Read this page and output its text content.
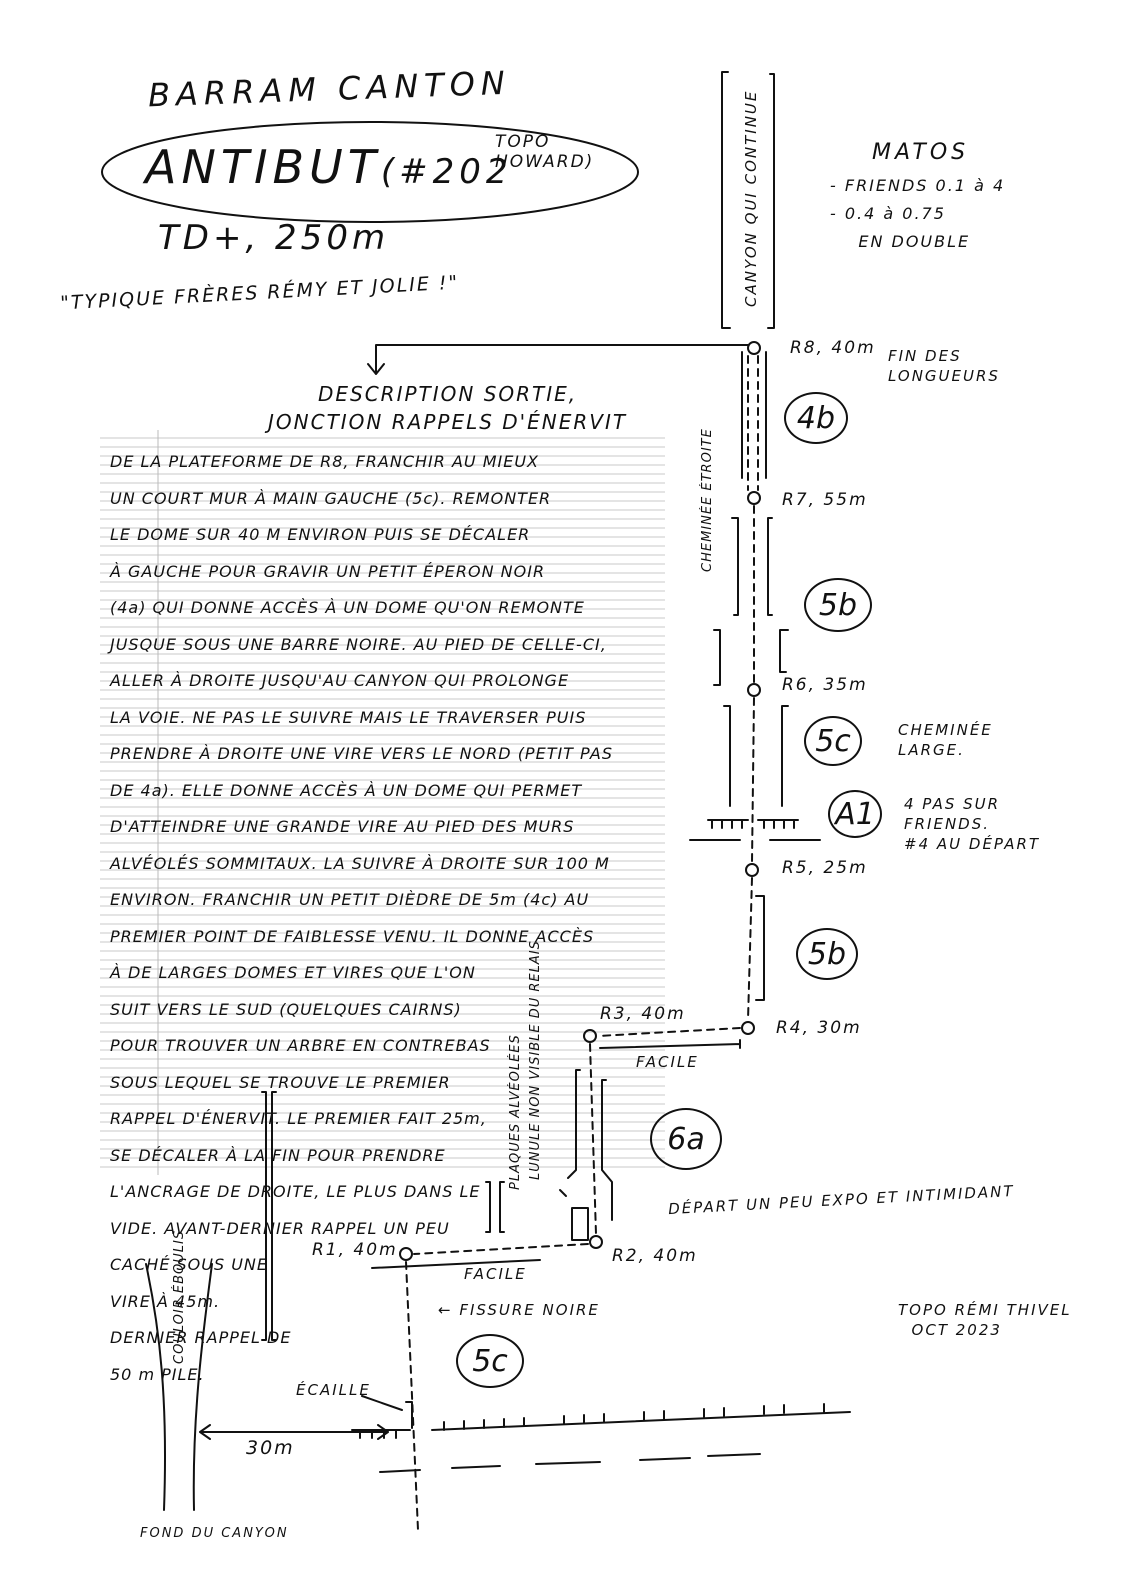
BARRAM CANTON
ANTIBUT(#202
TOPO
HOWARD)
TD+, 250m
"TYPIQUE FRÈRES RÉMY ET JOLIE !"	CANYON QUI CONTINUE	MATOS
- FRIENDS 0.1 à 4
- 0.4 à 0.75
EN DOUBLE
DESCRIPTION SORTIE,
JONCTION RAPPELS D'ÉNERVIT
DE LA PLATEFORME DE R8, FRANCHIR AU MIEUX
UN COURT MUR À MAIN GAUCHE (5c). REMONTER
LE DOME SUR 40 M ENVIRON PUIS SE DÉCALER
À GAUCHE POUR GRAVIR UN PETIT ÉPERON NOIR
(4a) QUI DONNE ACCÈS À UN DOME QU'ON REMONTE
JUSQUE SOUS UNE BARRE NOIRE. AU PIED DE CELLE-CI,
ALLER À DROITE JUSQU'AU CANYON QUI PROLONGE
LA VOIE. NE PAS LE SUIVRE MAIS LE TRAVERSER PUIS
PRENDRE À DROITE UNE VIRE VERS LE NORD (PETIT PAS
DE 4a). ELLE DONNE ACCÈS À UN DOME QUI PERMET
D'ATTEINDRE UNE GRANDE VIRE AU PIED DES MURS
ALVÉOLÉS SOMMITAUX. LA SUIVRE À DROITE SUR 100 M
ENVIRON. FRANCHIR UN PETIT DIÈDRE DE 5m (4c) AU
PREMIER POINT DE FAIBLESSE VENU. IL DONNE ACCÈS
À DE LARGES DOMES ET VIRES QUE L'ON
SUIT VERS LE SUD (QUELQUES CAIRNS)
POUR TROUVER UN ARBRE EN CONTREBAS
SOUS LEQUEL SE TROUVE LE PREMIER
RAPPEL D'ÉNERVIT. LE PREMIER FAIT 25m,
SE DÉCALER À LA FIN POUR PRENDRE
L'ANCRAGE DE DROITE, LE PLUS DANS LE
VIDE. AVANT-DERNIER RAPPEL UN PEU
CACHÉ SOUS UNE
VIRE À 45m.
DERNIER RAPPEL DE
50 m PILE.
R8, 40m
R7, 55m
R6, 35m
R5, 25m
R4, 30m
R3, 40m
R2, 40m
R1, 40m
4b
5b
5c
A1
5b
6a
5c
FIN DES
LONGUEURS
CHEMINÉE ÉTROITE
CHEMINÉE
LARGE.
4 PAS SUR
FRIENDS.
#4 AU DÉPART
FACILE
FACILE
PLAQUES ALVÉOLÉES LUNULE NON VISIBLE DU RELAIS
DÉPART UN PEU EXPO ET INTIMIDANT
← FISSURE NOIRE
ÉCAILLE
COULOIR ÉBOULIS
30m
FOND DU CANYON
TOPO RÉMI THIVEL
OCT 2023
